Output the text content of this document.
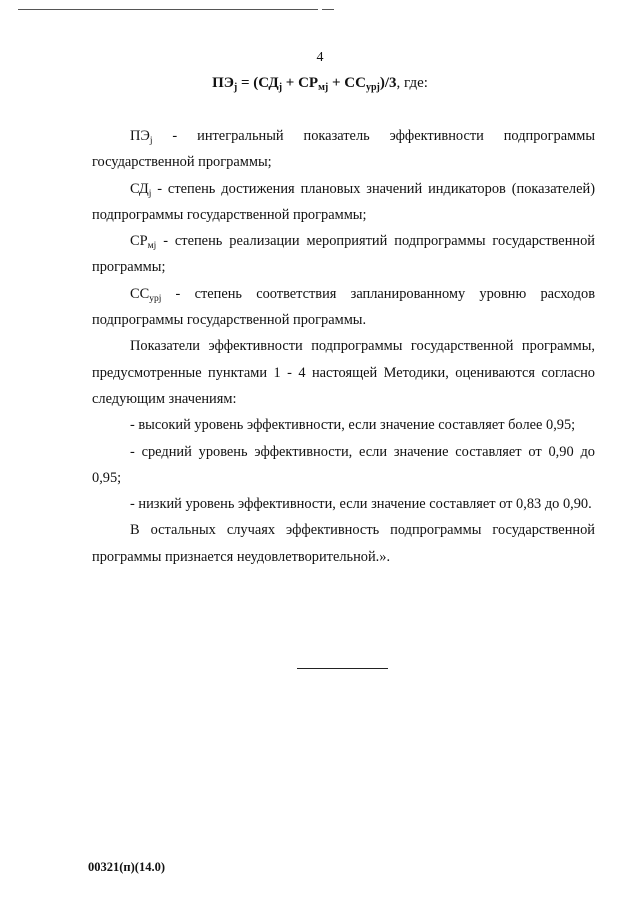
4
$ПЭ_j = (СД_j + СР_{мj} + СС_{урj})/3$, где:

$ПЭ_j$ - интегральный показатель эффективности подпрограммы государственной программы;

$СД_j$ - степень достижения плановых значений индикаторов (показателей) подпрограммы государственной программы;

$СР_{мj}$ - степень реализации мероприятий подпрограммы государственной программы;

$СС_{урj}$ - степень соответствия запланированному уровню расходов подпрограммы государственной программы.

Показатели эффективности подпрограммы государственной программы, предусмотренные пунктами 1 - 4 настоящей Методики, оцениваются согласно следующим значениям:

- высокий уровень эффективности, если значение составляет более 0,95;

- средний уровень эффективности, если значение составляет от 0,90 до 0,95;

- низкий уровень эффективности, если значение составляет от 0,83 до 0,90.

В остальных случаях эффективность подпрограммы государственной программы признается неудовлетворительной.».

00321(п)(14.0)
